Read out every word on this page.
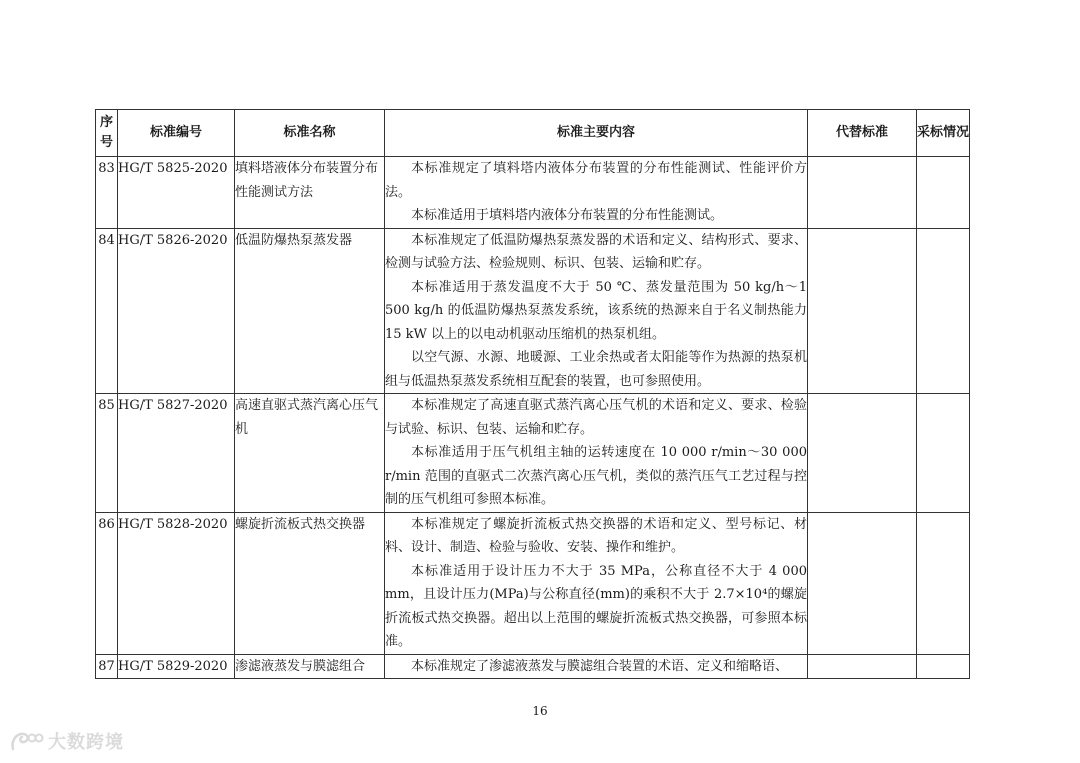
序号	标准编号	标准名称	标准主要内容	代替标准	采标情况
83	HG/T 5825-2020	填料塔液体分布装置分布性能测试方法	本标准规定了填料塔内液体分布装置的分布性能测试、性能评价方法。

本标准适用于填料塔内液体分布装置的分布性能测试。		

84	HG/T 5826-2020	低温防爆热泵蒸发器	本标准规定了低温防爆热泵蒸发器的术语和定义、结构形式、要求、检测与试验方法、检验规则、标识、包装、运输和贮存。

本标准适用于蒸发温度不大于 50 ℃、蒸发量范围为 50 kg/h～1 500 kg/h 的低温防爆热泵蒸发系统，该系统的热源来自于名义制热能力 15 kW 以上的以电动机驱动压缩机的热泵机组。

以空气源、水源、地暖源、工业余热或者太阳能等作为热源的热泵机组与低温热泵蒸发系统相互配套的装置，也可参照使用。		

85	HG/T 5827-2020	高速直驱式蒸汽离心压气机	本标准规定了高速直驱式蒸汽离心压气机的术语和定义、要求、检验与试验、标识、包装、运输和贮存。

本标准适用于压气机组主轴的运转速度在 10 000 r/min～30 000 r/min 范围的直驱式二次蒸汽离心压气机，类似的蒸汽压气工艺过程与控制的压气机组可参照本标准。		

86	HG/T 5828-2020	螺旋折流板式热交换器	本标准规定了螺旋折流板式热交换器的术语和定义、型号标记、材料、设计、制造、检验与验收、安装、操作和维护。

本标准适用于设计压力不大于 35 MPa，公称直径不大于 4 000 mm，且设计压力(MPa)与公称直径(mm)的乘积不大于 2.7×10⁴的螺旋折流板式热交换器。超出以上范围的螺旋折流板式热交换器，可参照本标准。		

87	HG/T 5829-2020	渗滤液蒸发与膜滤组合	本标准规定了渗滤液蒸发与膜滤组合装置的术语、定义和缩略语、		

16
大数跨境
